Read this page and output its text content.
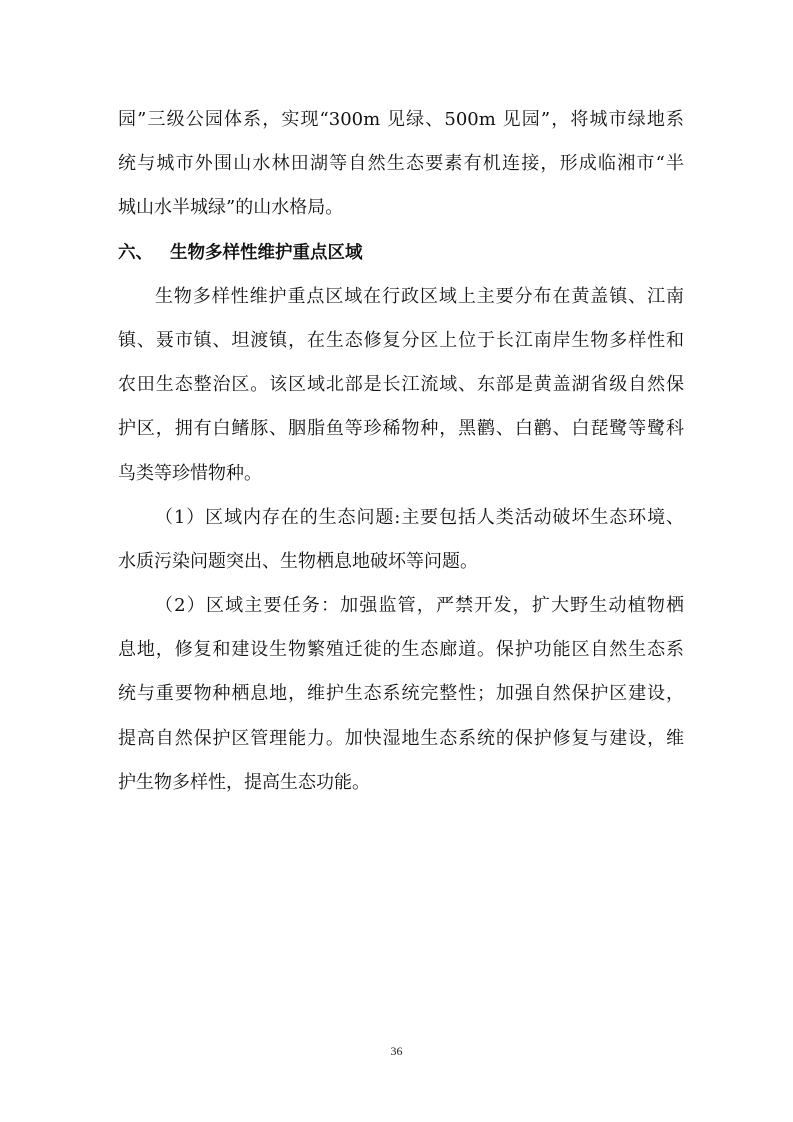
园”三级公园体系，实现“300m 见绿、500m 见园”，将城市绿地系
统与城市外围山水林田湖等自然生态要素有机连接，形成临湘市“半
城山水半城绿”的山水格局。
六、 生物多样性维护重点区域
生物多样性维护重点区域在行政区域上主要分布在黄盖镇、江南
镇、聂市镇、坦渡镇，在生态修复分区上位于长江南岸生物多样性和
农田生态整治区。该区域北部是长江流域、东部是黄盖湖省级自然保
护区，拥有白鳍豚、胭脂鱼等珍稀物种，黑鹳、白鹳、白琵鹭等鹭科
鸟类等珍惜物种。
（1）区域内存在的生态问题:主要包括人类活动破坏生态环境、
水质污染问题突出、生物栖息地破坏等问题。
（2）区域主要任务：加强监管，严禁开发，扩大野生动植物栖
息地，修复和建设生物繁殖迁徙的生态廊道。保护功能区自然生态系
统与重要物种栖息地，维护生态系统完整性；加强自然保护区建设，
提高自然保护区管理能力。加快湿地生态系统的保护修复与建设，维
护生物多样性，提高生态功能。
36
